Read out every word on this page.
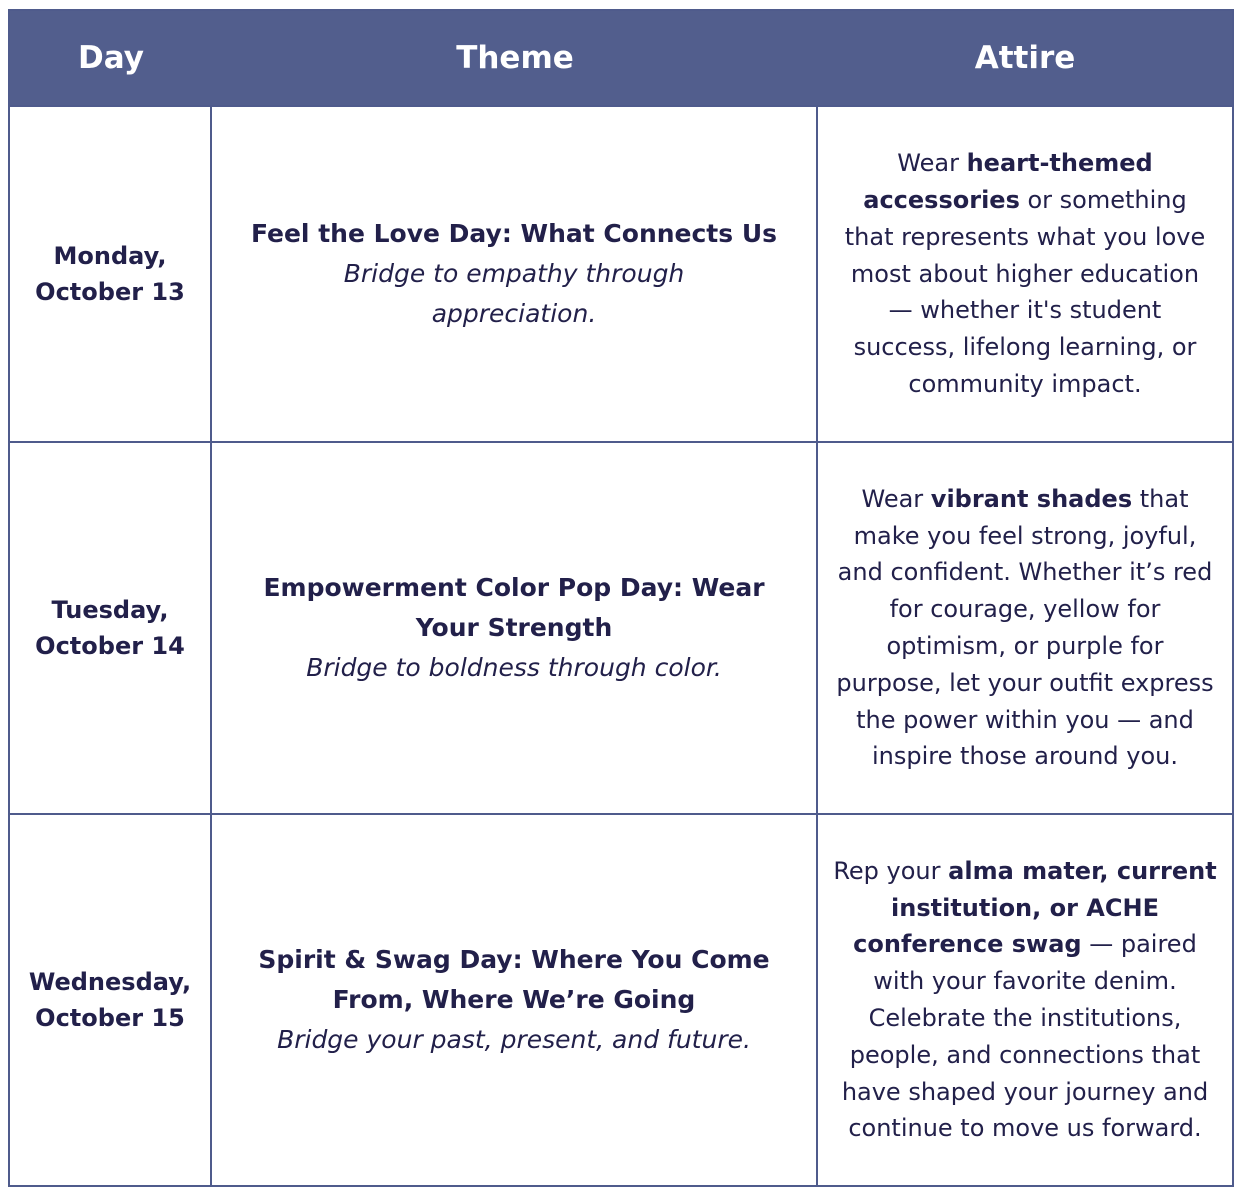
Day	Theme	Attire
Monday,
October 13
Feel the Love Day: What Connects Us
Bridge to empathy through appreciation.
Wear heart-themed accessories or something that represents what you love most about higher education — whether it's student success, lifelong learning, or community impact.
Tuesday,
October 14
Empowerment Color Pop Day: Wear Your Strength
Bridge to boldness through color.
Wear vibrant shades that make you feel strong, joyful, and confident. Whether it’s red for courage, yellow for optimism, or purple for purpose, let your outfit express the power within you — and inspire those around you.
Wednesday,
October 15
Spirit & Swag Day: Where You Come From, Where We’re Going
Bridge your past, present, and future.
Rep your alma mater, current institution, or ACHE conference swag — paired with your favorite denim. Celebrate the institutions, people, and connections that have shaped your journey and continue to move us forward.
